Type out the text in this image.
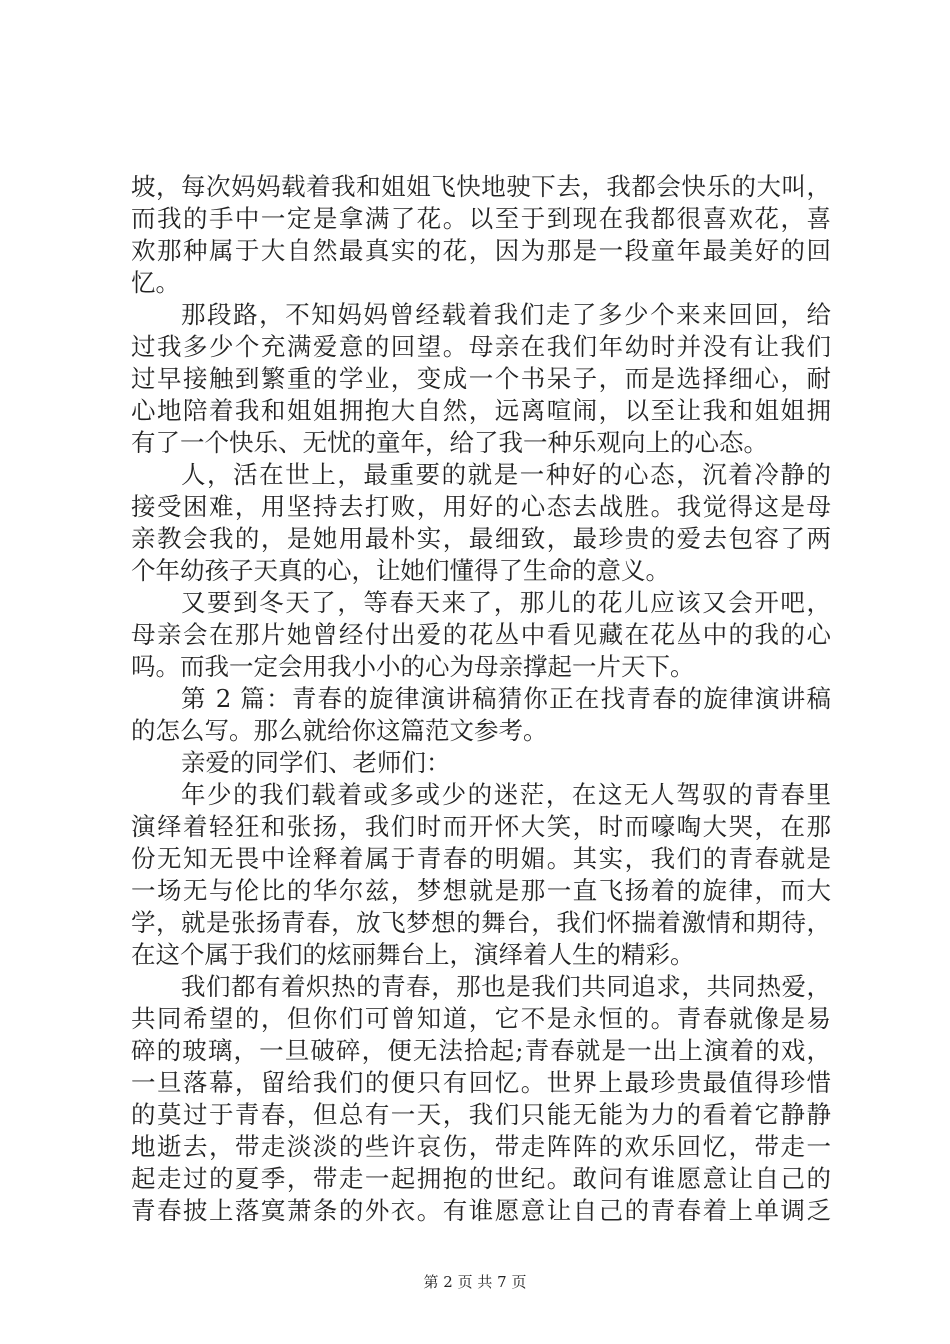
坡，每次妈妈载着我和姐姐飞快地驶下去，我都会快乐的大叫，
而我的手中一定是拿满了花。以至于到现在我都很喜欢花，喜
欢那种属于大自然最真实的花，因为那是一段童年最美好的回
忆。
那段路，不知妈妈曾经载着我们走了多少个来来回回，给
过我多少个充满爱意的回望。母亲在我们年幼时并没有让我们
过早接触到繁重的学业，变成一个书呆子，而是选择细心，耐
心地陪着我和姐姐拥抱大自然，远离喧闹，以至让我和姐姐拥
有了一个快乐、无忧的童年，给了我一种乐观向上的心态。
人，活在世上，最重要的就是一种好的心态，沉着冷静的
接受困难，用坚持去打败，用好的心态去战胜。我觉得这是母
亲教会我的，是她用最朴实，最细致，最珍贵的爱去包容了两
个年幼孩子天真的心，让她们懂得了生命的意义。
又要到冬天了，等春天来了，那儿的花儿应该又会开吧，
母亲会在那片她曾经付出爱的花丛中看见藏在花丛中的我的心
吗。而我一定会用我小小的心为母亲撑起一片天下。
第 2 篇：青春的旋律演讲稿猜你正在找青春的旋律演讲稿
的怎么写。那么就给你这篇范文参考。
亲爱的同学们、老师们：
年少的我们载着或多或少的迷茫，在这无人驾驭的青春里
演绎着轻狂和张扬，我们时而开怀大笑，时而嚎啕大哭，在那
份无知无畏中诠释着属于青春的明媚。其实，我们的青春就是
一场无与伦比的华尔兹，梦想就是那一直飞扬着的旋律，而大
学，就是张扬青春，放飞梦想的舞台，我们怀揣着激情和期待，
在这个属于我们的炫丽舞台上，演绎着人生的精彩。
我们都有着炽热的青春，那也是我们共同追求，共同热爱，
共同希望的，但你们可曾知道，它不是永恒的。青春就像是易
碎的玻璃，一旦破碎，便无法拾起;青春就是一出上演着的戏，
一旦落幕，留给我们的便只有回忆。世界上最珍贵最值得珍惜
的莫过于青春，但总有一天，我们只能无能为力的看着它静静
地逝去，带走淡淡的些许哀伤，带走阵阵的欢乐回忆，带走一
起走过的夏季，带走一起拥抱的世纪。敢问有谁愿意让自己的
青春披上落寞萧条的外衣。有谁愿意让自己的青春着上单调乏
第 2 页 共 7 页
